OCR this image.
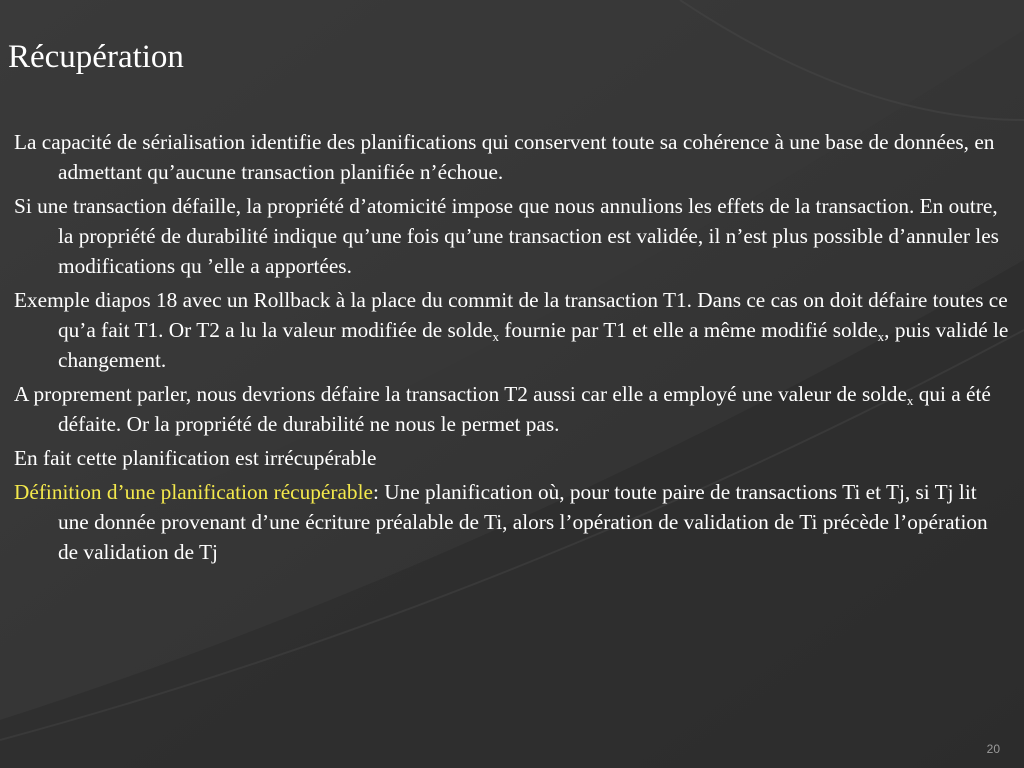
Récupération

La capacité de sérialisation identifie des planifications qui conservent toute sa cohérence à une base de données, en admettant qu’aucune transaction planifiée n’échoue.

Si une transaction défaille, la propriété d’atomicité impose que nous annulions les effets de la transaction. En outre, la propriété de durabilité indique qu’une fois qu’une transaction est validée, il n’est plus possible d’annuler les modifications qu ’elle a apportées.

Exemple diapos 18 avec un Rollback à la place du commit de la transaction T1. Dans ce cas on doit défaire toutes ce qu’a fait T1. Or T2 a lu la valeur modifiée de solde$_x$ fournie par T1 et elle a même modifié solde$_x$, puis validé le changement.

A proprement parler, nous devrions défaire la transaction T2 aussi car elle a employé une valeur de solde$_x$ qui a été défaite. Or la propriété de durabilité ne nous le permet pas.

En fait cette planification est irrécupérable

Définition d’une planification récupérable: Une planification où, pour toute paire de transactions Ti et Tj, si Tj lit une donnée provenant d’une écriture préalable de Ti, alors l’opération de validation de Ti précède l’opération de validation de Tj

20
